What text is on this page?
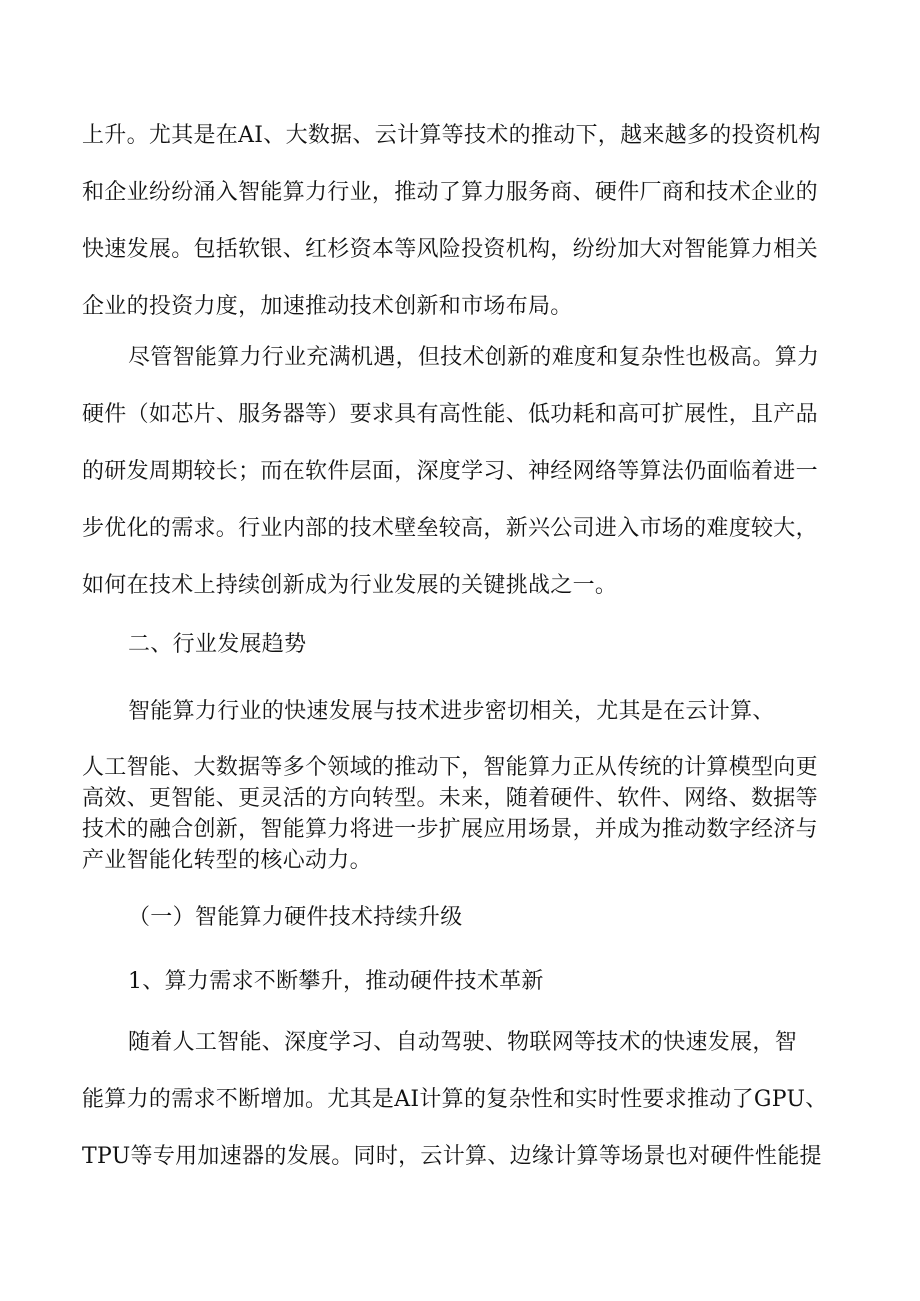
上升。尤其是在AI、大数据、云计算等技术的推动下，越来越多的投资机构
和企业纷纷涌入智能算力行业，推动了算力服务商、硬件厂商和技术企业的
快速发展。包括软银、红杉资本等风险投资机构，纷纷加大对智能算力相关
企业的投资力度，加速推动技术创新和市场布局。
尽管智能算力行业充满机遇，但技术创新的难度和复杂性也极高。算力
硬件（如芯片、服务器等）要求具有高性能、低功耗和高可扩展性，且产品
的研发周期较长；而在软件层面，深度学习、神经网络等算法仍面临着进一
步优化的需求。行业内部的技术壁垒较高，新兴公司进入市场的难度较大，
如何在技术上持续创新成为行业发展的关键挑战之一。
二、行业发展趋势

智能算力行业的快速发展与技术进步密切相关，尤其是在云计算、

人工智能、大数据等多个领域的推动下，智能算力正从传统的计算模型向更
高效、更智能、更灵活的方向转型。未来，随着硬件、软件、网络、数据等
技术的融合创新，智能算力将进一步扩展应用场景，并成为推动数字经济与
产业智能化转型的核心动力。
（一）智能算力硬件技术持续升级
1、算力需求不断攀升，推动硬件技术革新
随着人工智能、深度学习、自动驾驶、物联网等技术的快速发展，智
能算力的需求不断增加。尤其是AI计算的复杂性和实时性要求推动了GPU、
TPU等专用加速器的发展。同时，云计算、边缘计算等场景也对硬件性能提
